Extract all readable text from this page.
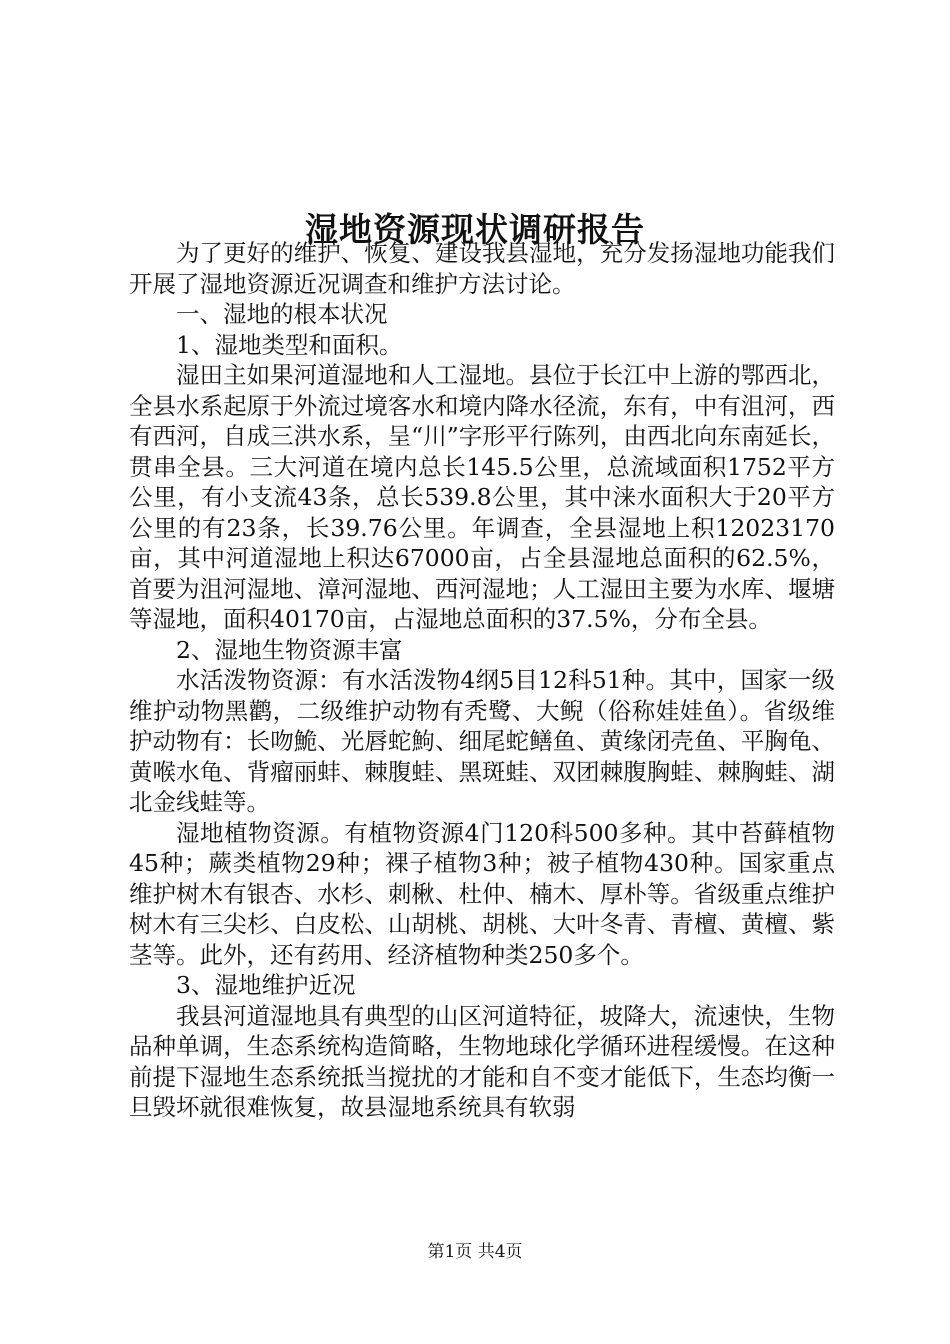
湿地资源现状调研报告

为了更好的维护、恢复、建设我县湿地，充分发扬湿地功能我们开展了湿地资源近况调查和维护方法讨论。

一、湿地的根本状况

1、湿地类型和面积。

湿田主如果河道湿地和人工湿地。县位于长江中上游的鄂西北，全县水系起原于外流过境客水和境内降水径流，东有，中有沮河，西有西河，自成三洪水系，呈“川”字形平行陈列，由西北向东南延长，贯串全县。三大河道在境内总长145.5公里，总流域面积1752平方公里，有小支流43条，总长539.8公里，其中涞水面积大于20平方公里的有23条，长39.76公里。年调查，全县湿地上积12023170亩，其中河道湿地上积达67000亩，占全县湿地总面积的62.5%，首要为沮河湿地、漳河湿地、西河湿地；人工湿田主要为水库、堰塘等湿地，面积40170亩，占湿地总面积的37.5%，分布全县。

2、湿地生物资源丰富

水活泼物资源：有水活泼物4纲5目12科51种。其中，国家一级维护动物黑鹳，二级维护动物有秃鹭、大鲵（俗称娃娃鱼）。省级维护动物有：长吻鮠、光唇蛇鮈、细尾蛇鳝鱼、黄缘闭壳鱼、平胸龟、黄喉水龟、背瘤丽蚌、棘腹蛙、黑斑蛙、双团棘腹胸蛙、棘胸蛙、湖北金线蛙等。

湿地植物资源。有植物资源4门120科500多种。其中苔藓植物45种；蕨类植物29种；裸子植物3种；被子植物430种。国家重点维护树木有银杏、水杉、刺楸、杜仲、楠木、厚朴等。省级重点维护树木有三尖杉、白皮松、山胡桃、胡桃、大叶冬青、青檀、黄檀、紫茎等。此外，还有药用、经济植物种类250多个。

3、湿地维护近况

我县河道湿地具有典型的山区河道特征，坡降大，流速快，生物品种单调，生态系统构造简略，生物地球化学循环进程缓慢。在这种前提下湿地生态系统抵当搅扰的才能和自不变才能低下，生态均衡一旦毁坏就很难恢复，故县湿地系统具有软弱

第1页 共4页
